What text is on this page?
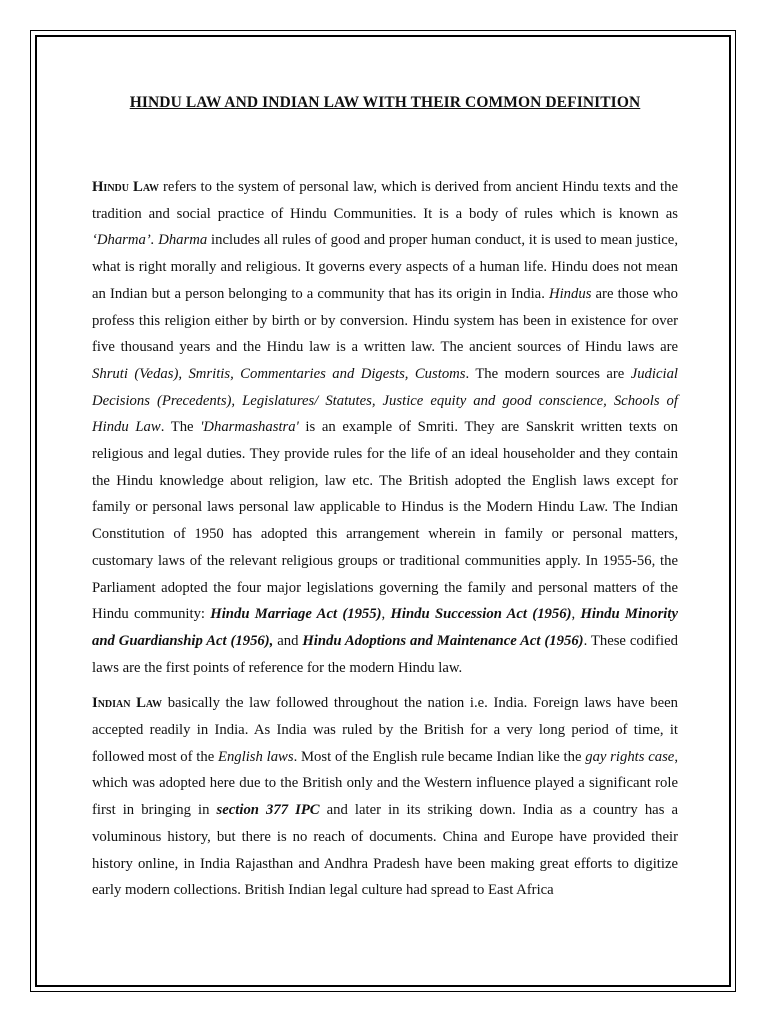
HINDU LAW AND INDIAN LAW WITH THEIR COMMON DEFINITION

Hindu Law refers to the system of personal law, which is derived from ancient Hindu texts and the tradition and social practice of Hindu Communities. It is a body of rules which is known as ‘Dharma’. Dharma includes all rules of good and proper human conduct, it is used to mean justice, what is right morally and religious. It governs every aspects of a human life. Hindu does not mean an Indian but a person belonging to a community that has its origin in India. Hindus are those who profess this religion either by birth or by conversion. Hindu system has been in existence for over five thousand years and the Hindu law is a written law. The ancient sources of Hindu laws are Shruti (Vedas), Smritis, Commentaries and Digests, Customs. The modern sources are Judicial Decisions (Precedents), Legislatures/ Statutes, Justice equity and good conscience, Schools of Hindu Law. The 'Dharmashastra' is an example of Smriti. They are Sanskrit written texts on religious and legal duties. They provide rules for the life of an ideal householder and they contain the Hindu knowledge about religion, law etc. The British adopted the English laws except for family or personal laws personal law applicable to Hindus is the Modern Hindu Law. The Indian Constitution of 1950 has adopted this arrangement wherein in family or personal matters, customary laws of the relevant religious groups or traditional communities apply. In 1955-56, the Parliament adopted the four major legislations governing the family and personal matters of the Hindu community: Hindu Marriage Act (1955), Hindu Succession Act (1956), Hindu Minority and Guardianship Act (1956), and Hindu Adoptions and Maintenance Act (1956). These codified laws are the first points of reference for the modern Hindu law.

Indian Law basically the law followed throughout the nation i.e. India. Foreign laws have been accepted readily in India. As India was ruled by the British for a very long period of time, it followed most of the English laws. Most of the English rule became Indian like the gay rights case, which was adopted here due to the British only and the Western influence played a significant role first in bringing in section 377 IPC and later in its striking down. India as a country has a voluminous history, but there is no reach of documents. China and Europe have provided their history online, in India Rajasthan and Andhra Pradesh have been making great efforts to digitize early modern collections. British Indian legal culture had spread to East Africa
